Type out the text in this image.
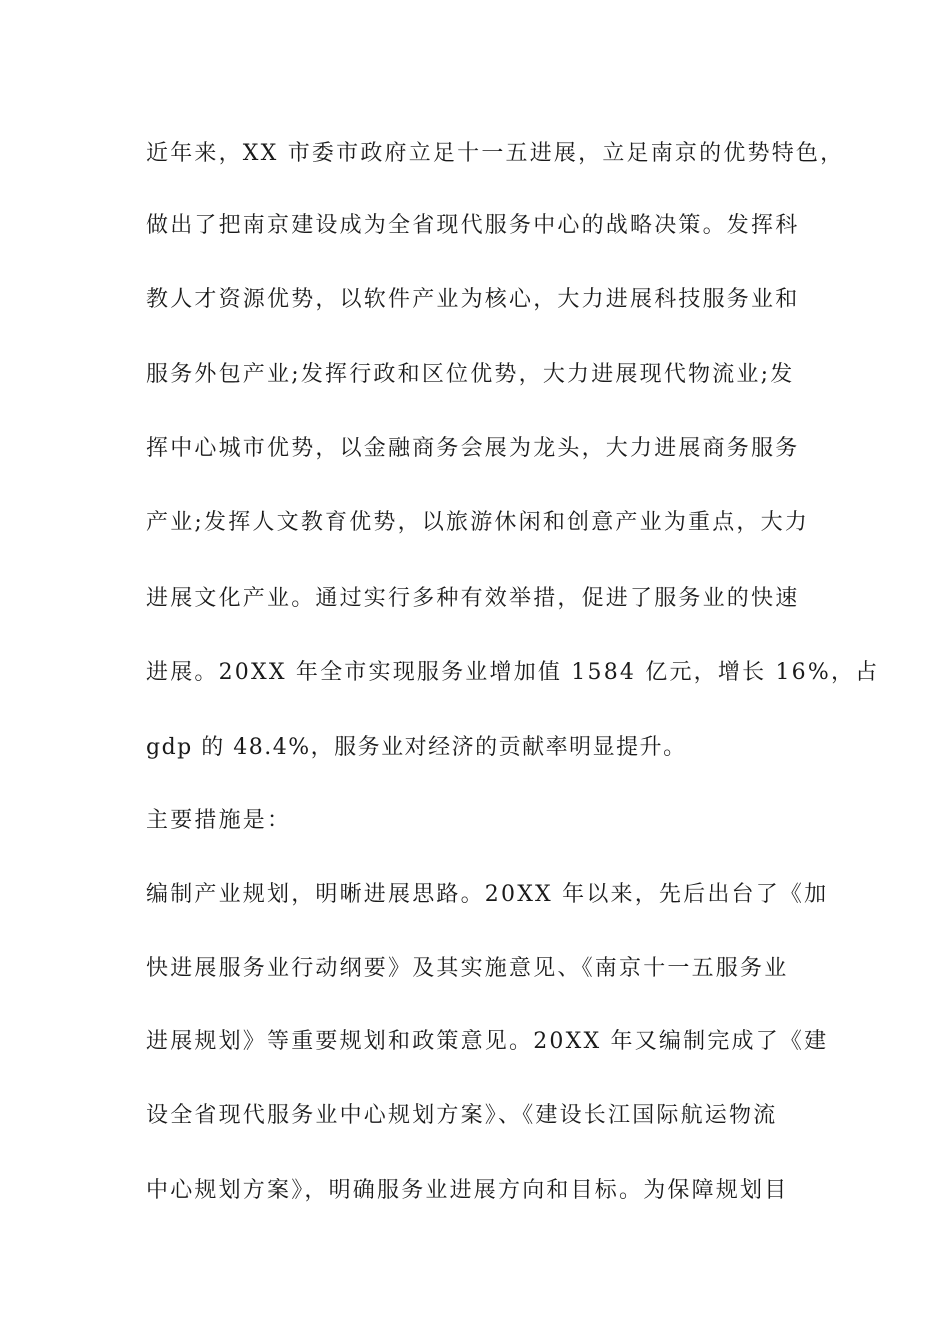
近年来，XX 市委市政府立足十一五进展，立足南京的优势特色，
做出了把南京建设成为全省现代服务中心的战略决策。发挥科
教人才资源优势，以软件产业为核心，大力进展科技服务业和
服务外包产业;发挥行政和区位优势，大力进展现代物流业;发
挥中心城市优势，以金融商务会展为龙头，大力进展商务服务
产业;发挥人文教育优势，以旅游休闲和创意产业为重点，大力
进展文化产业。通过实行多种有效举措，促进了服务业的快速
进展。20XX 年全市实现服务业增加值 1584 亿元，增长 16%，占
gdp 的 48.4%，服务业对经济的贡献率明显提升。
主要措施是：
编制产业规划，明晰进展思路。20XX 年以来，先后出台了《加
快进展服务业行动纲要》及其实施意见、《南京十一五服务业
进展规划》等重要规划和政策意见。20XX 年又编制完成了《建
设全省现代服务业中心规划方案》、《建设长江国际航运物流
中心规划方案》，明确服务业进展方向和目标。为保障规划目
